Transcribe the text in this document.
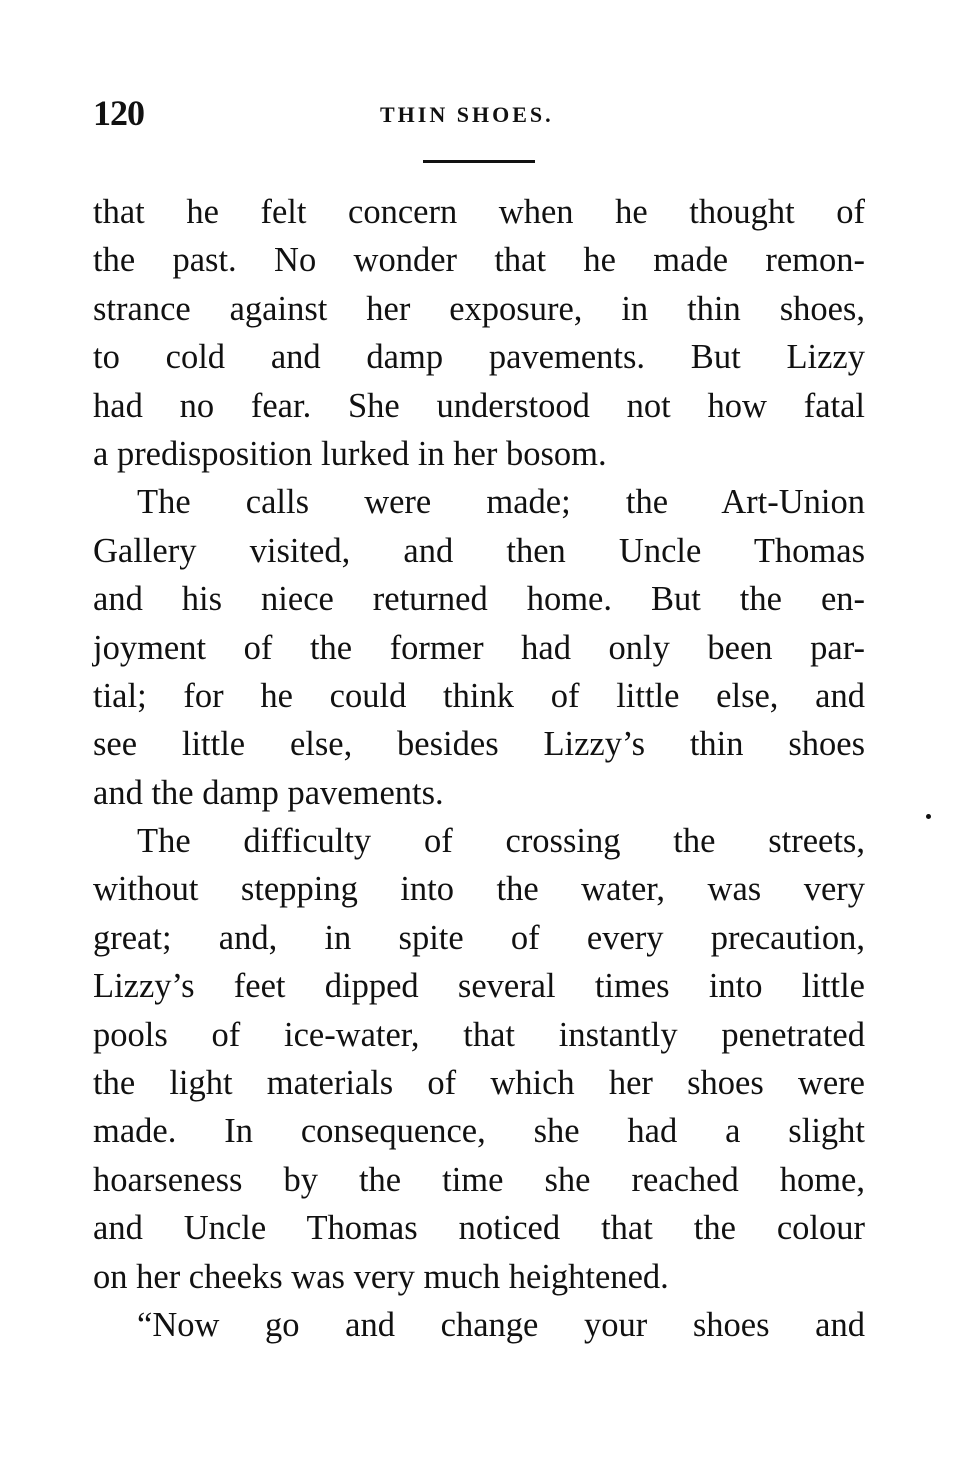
120	THIN SHOES.
that he felt concern when he thought of
the past. No wonder that he made remon-
strance against her exposure, in thin shoes,
to cold and damp pavements. But Lizzy
had no fear. She understood not how fatal
a predisposition lurked in her bosom.
The calls were made; the Art-Union
Gallery visited, and then Uncle Thomas
and his niece returned home. But the en-
joyment of the former had only been par-
tial; for he could think of little else, and
see little else, besides Lizzy’s thin shoes
and the damp pavements.
The difficulty of crossing the streets,
without stepping into the water, was very
great; and, in spite of every precaution,
Lizzy’s feet dipped several times into little
pools of ice-water, that instantly penetrated
the light materials of which her shoes were
made. In consequence, she had a slight
hoarseness by the time she reached home,
and Uncle Thomas noticed that the colour
on her cheeks was very much heightened.
“Now go and change your shoes and
